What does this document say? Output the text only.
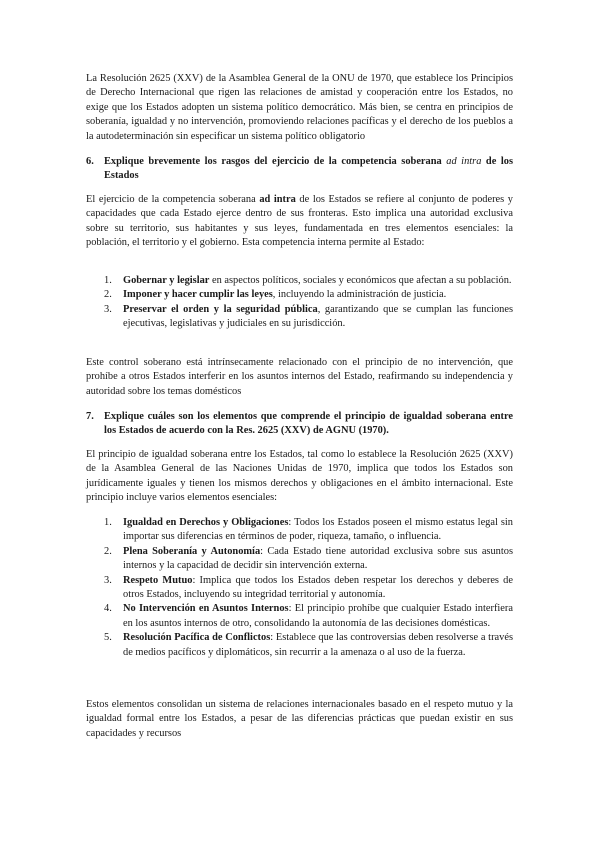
La Resolución 2625 (XXV) de la Asamblea General de la ONU de 1970, que establece los Principios de Derecho Internacional que rigen las relaciones de amistad y cooperación entre los Estados, no exige que los Estados adopten un sistema político democrático. Más bien, se centra en principios de soberanía, igualdad y no intervención, promoviendo relaciones pacíficas y el derecho de los pueblos a la autodeterminación sin especificar un sistema político obligatorio

6. Explique brevemente los rasgos del ejercicio de la competencia soberana ad intra de los Estados

El ejercicio de la competencia soberana ad intra de los Estados se refiere al conjunto de poderes y capacidades que cada Estado ejerce dentro de sus fronteras. Esto implica una autoridad exclusiva sobre su territorio, sus habitantes y sus leyes, fundamentada en tres elementos esenciales: la población, el territorio y el gobierno. Esta competencia interna permite al Estado:

1. Gobernar y legislar en aspectos políticos, sociales y económicos que afectan a su población.
2. Imponer y hacer cumplir las leyes, incluyendo la administración de justicia.
3. Preservar el orden y la seguridad pública, garantizando que se cumplan las funciones ejecutivas, legislativas y judiciales en su jurisdicción.

Este control soberano está intrínsecamente relacionado con el principio de no intervención, que prohíbe a otros Estados interferir en los asuntos internos del Estado, reafirmando su independencia y autoridad sobre los temas domésticos

7. Explique cuáles son los elementos que comprende el principio de igualdad soberana entre los Estados de acuerdo con la Res. 2625 (XXV) de AGNU (1970).

El principio de igualdad soberana entre los Estados, tal como lo establece la Resolución 2625 (XXV) de la Asamblea General de las Naciones Unidas de 1970, implica que todos los Estados son jurídicamente iguales y tienen los mismos derechos y obligaciones en el ámbito internacional. Este principio incluye varios elementos esenciales:

1. Igualdad en Derechos y Obligaciones: Todos los Estados poseen el mismo estatus legal sin importar sus diferencias en términos de poder, riqueza, tamaño, o influencia.
2. Plena Soberanía y Autonomía: Cada Estado tiene autoridad exclusiva sobre sus asuntos internos y la capacidad de decidir sin intervención externa.
3. Respeto Mutuo: Implica que todos los Estados deben respetar los derechos y deberes de otros Estados, incluyendo su integridad territorial y autonomía.
4. No Intervención en Asuntos Internos: El principio prohíbe que cualquier Estado interfiera en los asuntos internos de otro, consolidando la autonomía de las decisiones domésticas.
5. Resolución Pacífica de Conflictos: Establece que las controversias deben resolverse a través de medios pacíficos y diplomáticos, sin recurrir a la amenaza o al uso de la fuerza.

Estos elementos consolidan un sistema de relaciones internacionales basado en el respeto mutuo y la igualdad formal entre los Estados, a pesar de las diferencias prácticas que puedan existir en sus capacidades y recursos
